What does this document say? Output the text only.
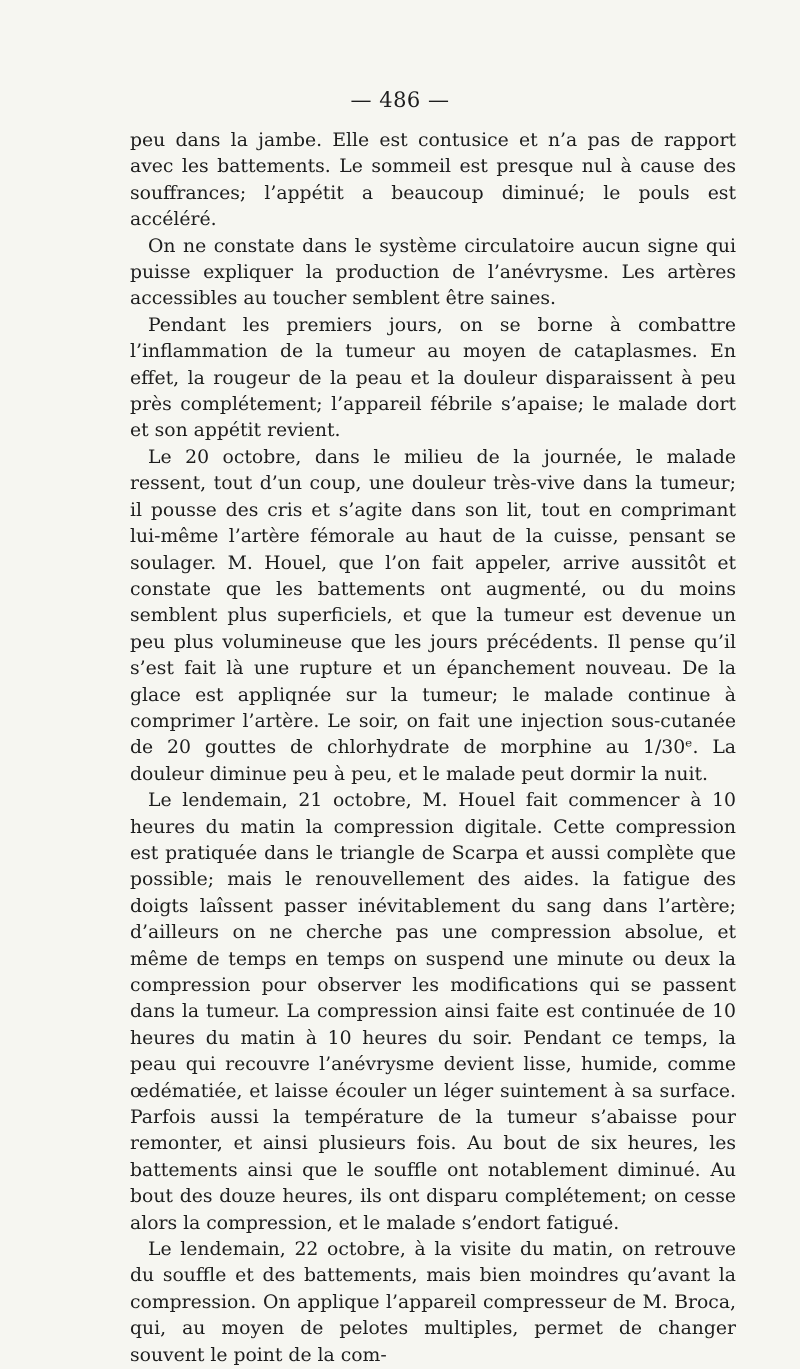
— 486 —

peu dans la jambe. Elle est contusice et n’a pas de rapport avec les battements. Le sommeil est presque nul à cause des souffrances; l’appétit a beaucoup diminué; le pouls est accéléré.

On ne constate dans le système circulatoire aucun signe qui puisse expliquer la production de l’anévrysme. Les artères accessibles au toucher semblent être saines.

Pendant les premiers jours, on se borne à combattre l’inflammation de la tumeur au moyen de cataplasmes. En effet, la rougeur de la peau et la douleur disparaissent à peu près complétement; l’appareil fébrile s’apaise; le malade dort et son appétit revient.

Le 20 octobre, dans le milieu de la journée, le malade ressent, tout d’un coup, une douleur très-vive dans la tumeur; il pousse des cris et s’agite dans son lit, tout en comprimant lui-même l’artère fémorale au haut de la cuisse, pensant se soulager. M. Houel, que l’on fait appeler, arrive aussitôt et constate que les battements ont augmenté, ou du moins semblent plus superficiels, et que la tumeur est devenue un peu plus volumineuse que les jours précédents. Il pense qu’il s’est fait là une rupture et un épanchement nouveau. De la glace est appliqnée sur la tumeur; le malade continue à comprimer l’artère. Le soir, on fait une injection sous-cutanée de 20 gouttes de chlorhydrate de morphine au 1/30ᵉ. La douleur diminue peu à peu, et le malade peut dormir la nuit.

Le lendemain, 21 octobre, M. Houel fait commencer à 10 heures du matin la compression digitale. Cette compression est pratiquée dans le triangle de Scarpa et aussi complète que possible; mais le renouvellement des aides. la fatigue des doigts laîssent passer inévitablement du sang dans l’artère; d’ailleurs on ne cherche pas une compression absolue, et même de temps en temps on suspend une minute ou deux la compression pour observer les modifications qui se passent dans la tumeur. La compression ainsi faite est continuée de 10 heures du matin à 10 heures du soir. Pendant ce temps, la peau qui recouvre l’anévrysme devient lisse, humide, comme œdématiée, et laisse écouler un léger suintement à sa surface. Parfois aussi la température de la tumeur s’abaisse pour remonter, et ainsi plusieurs fois. Au bout de six heures, les battements ainsi que le souffle ont notablement diminué. Au bout des douze heures, ils ont disparu complétement; on cesse alors la compression, et le malade s’endort fatigué.

Le lendemain, 22 octobre, à la visite du matin, on retrouve du souffle et des battements, mais bien moindres qu’avant la compression. On applique l’appareil compresseur de M. Broca, qui, au moyen de pelotes multiples, permet de changer souvent le point de la com-
